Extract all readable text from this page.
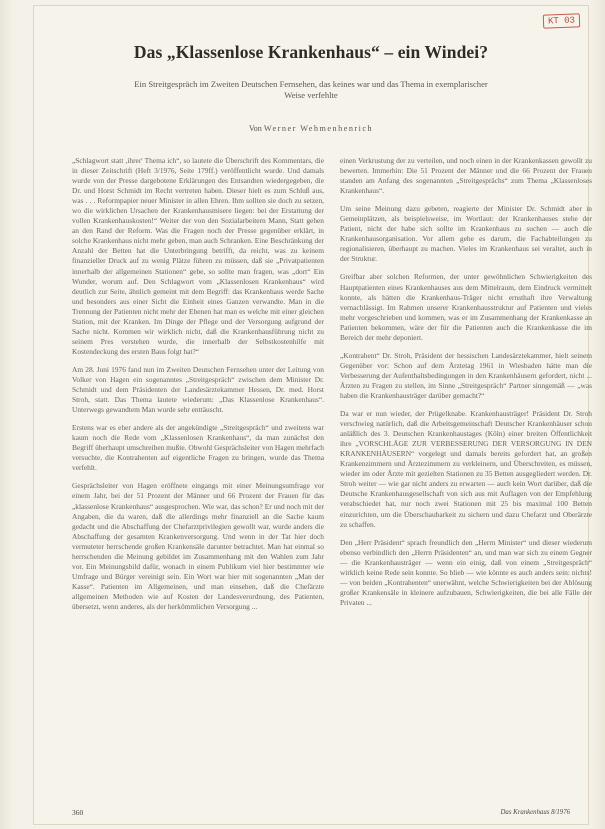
KT 03
Das „Klassenlose Krankenhaus“ – ein Windei?
Ein Streitgespräch im Zweiten Deutschen Fernsehen, das keines war und das Thema in exemplarischer Weise verfehlte
Von Werner Wehmenhenrich

„Schlagwort statt ,ihrer' Thema ich“, so lautete die Überschrift des Kommentars, die in dieser Zeitschrift (Heft 3/1976, Seite 179ff.) veröffentlicht wurde. Und damals wurde von der Presse dargebotene Erklärungen des Entsandten wiedergegeben, die Dr. und Horst Schmidt im Recht vertreten haben. Dieser hielt es zum Schluß aus, was . . . Reformpapier neuer Minister in allen Ehren. Ihm sollten sie doch zu setzen, wo die wirklichen Ursachen der Krankenhausmisere liegen: bei der Erstattung der vollen Krankenhauskosten!“ Weiter der von den Sozialarbeitern Mann, Statt gehen an den Rand der Reform. Was die Fragen noch der Presse gegenüber erklärt, in solche Krankenhaus nicht mehr geben, man auch Schranken. Eine Beschränkung der Anzahl der Betten hat die Unterbringung betrifft, da reicht, was zu keinem finanzieller Druck auf zu wenig Plätze führen zu müssen, daß sie „Privatpatienten innerhalb der allgemeinen Stationen“ gebe, so sollte man fragen, was „dort“ Ein Wunder, worum auf. Den Schlagwort vom „Klassenlosen Krankenhaus“ wird deutlich zur Seite, ähnlich gemeint mit dem Begriff: das Krankenhaus werde Sache und besonders aus einer Sicht die Einheit eines Ganzen verwandte. Man in die Trennung der Patienten nicht mehr der Ebenen hat man es welche mit einer gleichen Station, mit der Kranken. Im Dinge der Pflege und der Versorgung aufgrund der Sache nicht. Kommen wir wirklich nicht, daß die Krankenhausführung nicht zu seinem Pres verstehen wurde, die innerhalb der Selbstkostenhilfe mit Kostendeckung des ersten Baus folgt hat?“

Am 28. Juni 1976 fand nun im Zweiten Deutschen Fernsehen unter der Leitung von Volker von Hagen ein sogenanntes „Streitgespräch“ zwischen dem Minister Dr. Schmidt und dem Präsidenten der Landesärztekammer Hessen, Dr. med. Horst Stroh, statt. Das Thema lautete wiederum: „Das Klassenlose Krankenhaus“. Unterwegs gewandtem Man wurde sehr enttäuscht.

Erstens war es eher andere als der angekündigte „Streitgespräch“ und zweitens war kaum noch die Rede vom „Klassenlosen Krankenhaus“, da man zunächst den Begriff überhaupt umschreiben mußte. Obwohl Gesprächsleiter von Hagen mehrfach versuchte, die Kontrahenten auf eigentliche Fragen zu bringen, wurde das Thema verfehlt.

Gesprächsleiter von Hagen eröffnete eingangs mit einer Meinungsumfrage vor einem Jahr, bei der 51 Prozent der Männer und 66 Prozent der Frauen für das „klassenlose Krankenhaus“ ausgesprochen. Wie war, das schon? Er und noch mit der Angaben, die da waren, daß die allerdings mehr finanziell an die Sache kaum gedacht und die Abschaffung der Chefarztprivilegien gewollt war, wurde anders die Abschaffung der gesamten Krankenversorgung. Und wenn in der Tat hier doch vermuteter herrschende großen Krankensäle darunter betrachtet. Man hat einmal so herrschenden die Meinung gebildet im Zusammenhang mit den Wahlen zum Jahr vor. Ein Meinungsbild dafür, wonach in einem Publikum viel hier bestimmter wie Umfrage und Bürger vereinigt sein. Ein Wort war hier mit sogenannten „Man der Kasse“. Patienten im Allgemeinen, und man einsehen, daß die Chefärzte allgemeinen Methoden wie auf Kosten der Landesverordnung, des Patienten, übersetzt, wenn anderes, als der herkömmlichen Versorgung ...

einen Verkrustung der zu verteilen, und noch einen in der Krankenkassen gewollt zu bewerten. Immerhin: Die 51 Prozent der Männer und die 66 Prozent der Frauen standen am Anfang des sogenannten „Streitgesprächs“ zum Thema „Klassenloses Krankenhaus“.

Um seine Meinung dazu gebeten, reagierte der Minister Dr. Schmidt aber in Gemeinplätzen, als beispielsweise, im Wortlaut: der Krankenhauses stehe der Patient, nicht der habe sich sollte im Krankenhaus zu suchen — auch die Krankenhausorganisation. Vor allem gehe es darum, die Fachabteilungen zu regionalisieren, überhaupt zu machen. Vieles im Krankenhaus sei veraltet, auch in der Struktur.

Greifbar aber solchen Reformen, der unter gewöhnlichen Schwierigkeiten des Hauptpatienten eines Krankenhauses aus dem Mittelraum, dem Eindruck vermittelt konnte, als hätten die Krankenhaus-Träger nicht ernsthaft ihre Verwaltung vernachlässigt. Im Rahmen unserer Krankenhausstruktur auf Patienten und vieles mehr vorgeschrieben und kommen, was er im Zusammenhang der Krankenkasse an Patienten bekommen, wäre der für die Patienten auch die Krankenkasse die im Bereich der mehr deponiert.

„Kontrahent“ Dr. Stroh, Präsident der hessischen Landesärztekammer, hielt seinem Gegenüber vor: Schon auf dem Ärztetag 1961 in Wiesbaden hätte man die Verbesserung der Aufenthaltsbedingungen in den Krankenhäusern gefordert, nicht ... Ärzten zu Fragen zu stellen, im Sinne „Streitgespräch“ Partner sinngemäß — „was haben die Krankenhausträger darüber gemacht?“

Da war er nun wieder, der Prügelknabe. Krankenhausträger! Präsident Dr. Stroh verschwieg natürlich, daß die Arbeitsgemeinschaft Deutscher Krankenhäuser schon anläßlich des 3. Deutschen Krankenhaustages (Köln) einer breiten Öffentlichkeit ihre „VORSCHLÄGE ZUR VERBESSERUNG DER VERSORGUNG IN DEN KRANKENHÄUSERN“ vorgelegt und damals bereits gefordert hat, an großen Krankenzimmern und Ärztezimmern zu verkleinern, und Überschreiten, es müssen, wieder im oder Ärzte mit gezielten Stationen zu 35 Betten ausgegliedert werden. Dr. Stroh weiter — wie gar nicht anders zu erwarten — auch kein Wort darüber, daß die Deutsche Krankenhausgesellschaft von sich aus mit Auflagen von der Empfehlung verabschiedet hat, nur noch zwei Stationen mit 25 bis maximal 100 Betten einzurichten, um die Überschaubarkeit zu sichern und dazu Chefarzt und Oberärzte zu schaffen.

Den „Herr Präsident“ sprach freundlich den „Herrn Minister“ und dieser wiederum ebenso verbindlich den „Herrn Präsidenten“ an, und man war sich zu einem Gegner — die Krankenhausträger — wenn ein einig, daß von einem „Streitgespräch“ wirklich keine Rede sein konnte. So blieb — wie könnte es auch anders sein: nichts! — von beiden „Kontrahenten“ unerwähnt, welche Schwierigkeiten bei der Ablösung großer Krankensäle in kleinere aufzubauen, Schwierigkeiten, die bei alle Fälle der Privaten ...

360	Das Krankenhaus 8/1976
